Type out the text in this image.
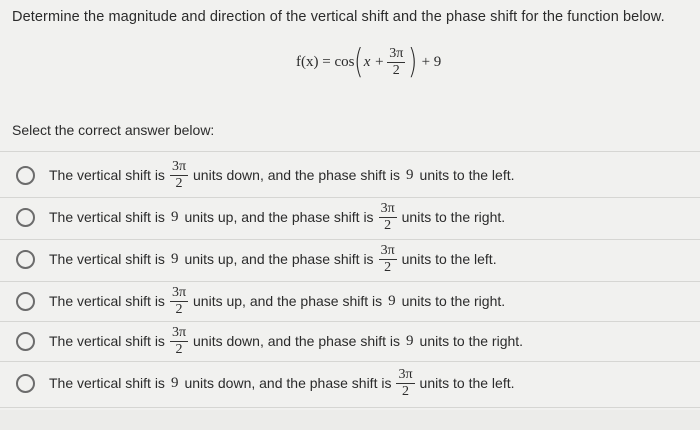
Determine the magnitude and direction of the vertical shift and the phase shift for the function below.
f(x) = cos ( $x + \frac{3\pi}{2}$ ) + 9
Select the correct answer below:
The vertical shift is $\frac{3\pi}{2}$ units down, and the phase shift is 9 units to the left.
The vertical shift is 9 units up, and the phase shift is $\frac{3\pi}{2}$ units to the right.
The vertical shift is 9 units up, and the phase shift is $\frac{3\pi}{2}$ units to the left.
The vertical shift is $\frac{3\pi}{2}$ units up, and the phase shift is 9 units to the right.
The vertical shift is $\frac{3\pi}{2}$ units down, and the phase shift is 9 units to the right.
The vertical shift is 9 units down, and the phase shift is $\frac{3\pi}{2}$ units to the left.
